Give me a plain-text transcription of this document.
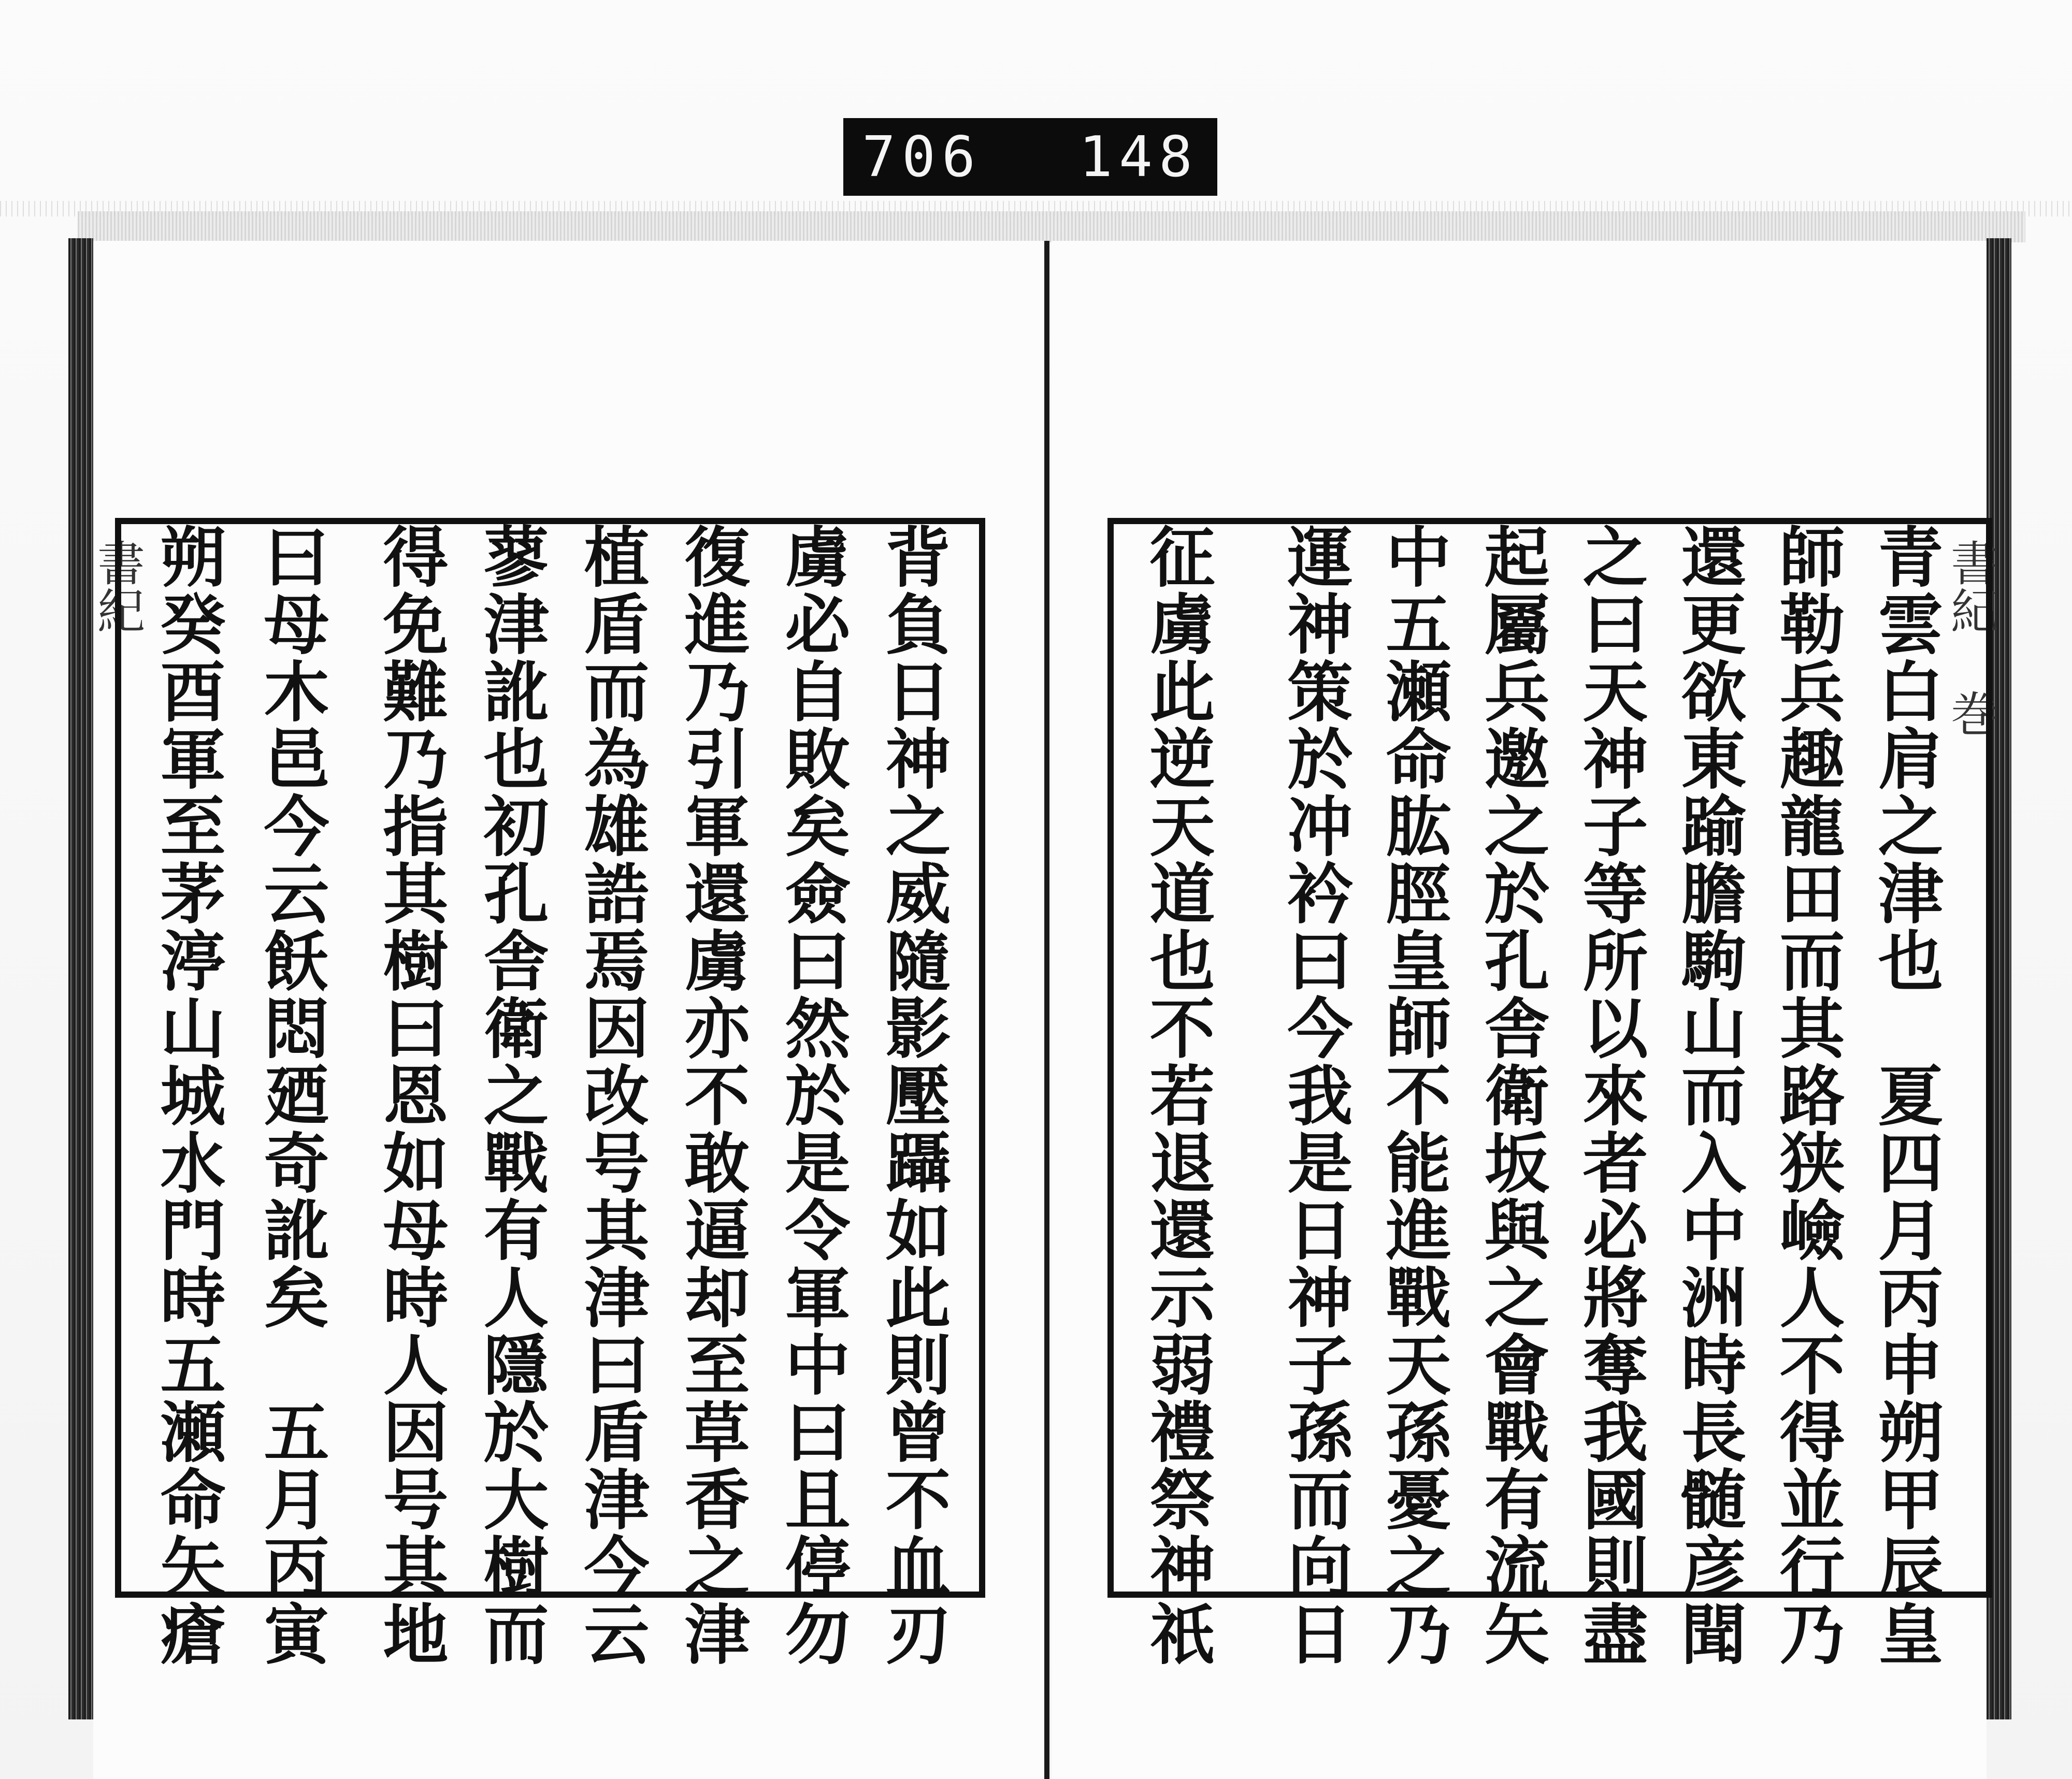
706 148
書紀	書紀 巻
青雲白肩之津也　夏四月丙申朔甲辰皇
師勒兵趣龍田而其路狭嶮人不得並行乃
還更欲東踰膽駒山而入中洲時長髄彦聞
之曰天神子等所以來者必將奪我國則盡
起屬兵邀之於孔舎衛坂與之會戰有流矢
中五瀬命肱脛皇師不能進戰天孫憂之乃
運神策於冲衿曰今我是日神子孫而向日
征虜此逆天道也不若退還示弱禮祭神祇
背負日神之威隨影壓躡如此則曾不血刃
虜必自敗矣僉曰然於是令軍中曰且停勿
復進乃引軍還虜亦不敢逼却至草香之津
植盾而為雄誥焉因改号其津曰盾津今云
蓼津訛也初孔舎衛之戰有人隱於大樹而
得免難乃指其樹曰恩如母時人因号其地
曰母木邑今云飫悶廼奇訛矣　五月丙寅
朔癸酉軍至茅渟山城水門時五瀬命矢瘡
